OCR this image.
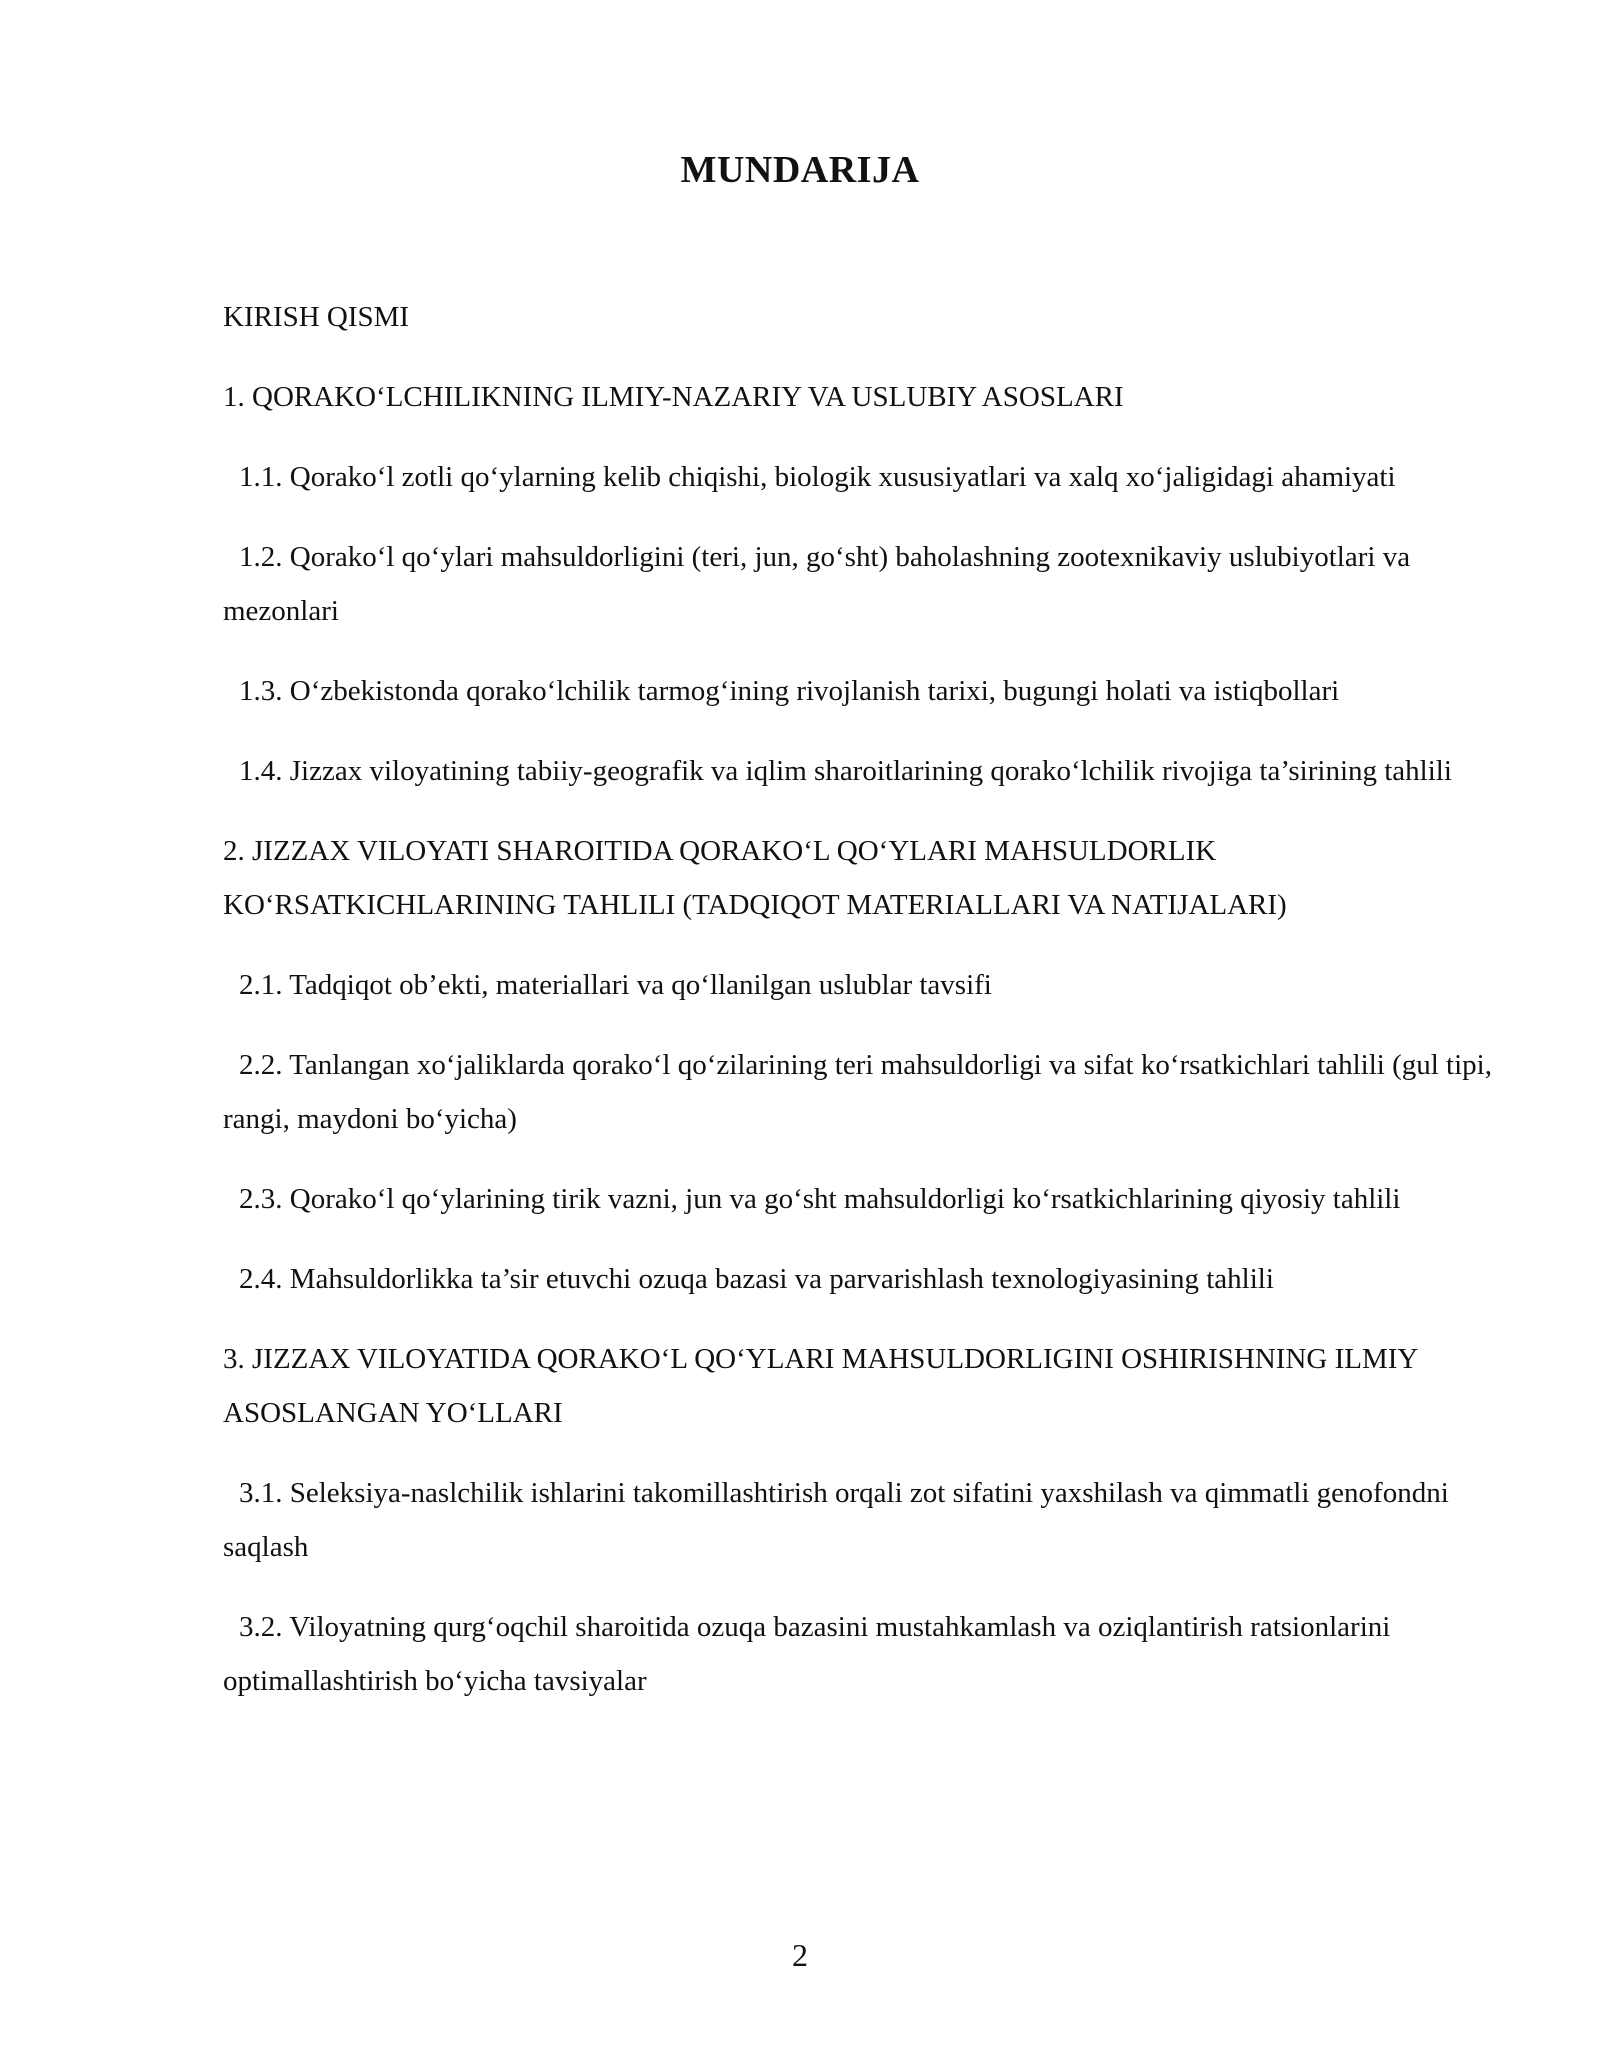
MUNDARIJA

KIRISH QISMI

1. QORAKOʻLCHILIKNING ILMIY-NAZARIY VA USLUBIY ASOSLARI

1.1. Qorakoʻl zotli qoʻylarning kelib chiqishi, biologik xususiyatlari va xalq xoʻjaligidagi ahamiyati

1.2. Qorakoʻl qoʻylari mahsuldorligini (teri, jun, goʻsht) baholashning zootexnikaviy uslubiyotlari va mezonlari

1.3. Oʻzbekistonda qorakoʻlchilik tarmogʻining rivojlanish tarixi, bugungi holati va istiqbollari

1.4. Jizzax viloyatining tabiiy-geografik va iqlim sharoitlarining qorakoʻlchilik rivojiga ta’sirining tahlili

2. JIZZAX VILOYATI SHAROITIDA QORAKOʻL QOʻYLARI MAHSULDORLIK KOʻRSATKICHLARINING TAHLILI (TADQIQOT MATERIALLARI VA NATIJALARI)

2.1. Tadqiqot ob’ekti, materiallari va qoʻllanilgan uslublar tavsifi

2.2. Tanlangan xoʻjaliklarda qorakoʻl qoʻzilarining teri mahsuldorligi va sifat koʻrsatkichlari tahlili (gul tipi, rangi, maydoni boʻyicha)

2.3. Qorakoʻl qoʻylarining tirik vazni, jun va goʻsht mahsuldorligi koʻrsatkichlarining qiyosiy tahlili

2.4. Mahsuldorlikka ta’sir etuvchi ozuqa bazasi va parvarishlash texnologiyasining tahlili

3. JIZZAX VILOYATIDA QORAKOʻL QOʻYLARI MAHSULDORLIGINI OSHIRISHNING ILMIY ASOSLANGAN YOʻLLARI

3.1. Seleksiya-naslchilik ishlarini takomillashtirish orqali zot sifatini yaxshilash va qimmatli genofondni saqlash

3.2. Viloyatning qurgʻoqchil sharoitida ozuqa bazasini mustahkamlash va oziqlantirish ratsionlarini optimallashtirish boʻyicha tavsiyalar

2
